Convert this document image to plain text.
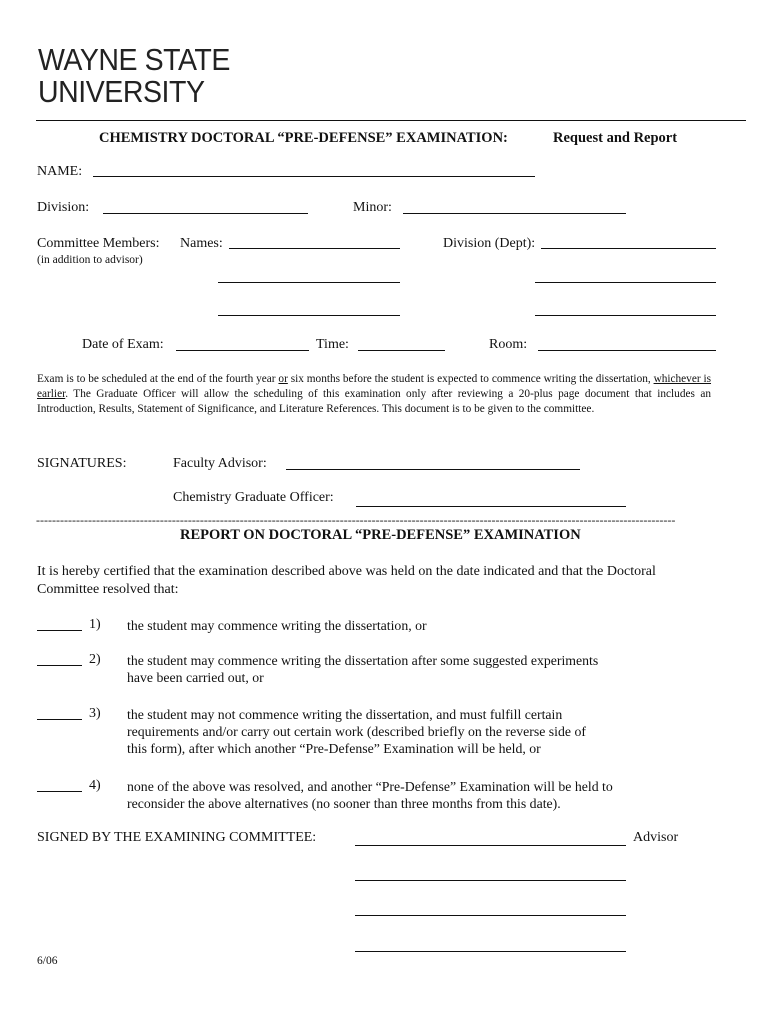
WAYNE STATE
UNIVERSITY
CHEMISTRY DOCTORAL “PRE-DEFENSE” EXAMINATION:	Request and Report
NAME:
Division:	Minor:
Committee Members: Names:	Division (Dept):
(in addition to advisor)
Date of Exam:	Time:	Room:
Exam is to be scheduled at the end of the fourth year or six months before the student is expected to commence writing the dissertation, whichever is earlier. The Graduate Officer will allow the scheduling of this examination only after reviewing a 20-plus page document that includes an Introduction, Results, Statement of Significance, and Literature References. This document is to be given to the committee.
SIGNATURES:	Faculty Advisor:
Chemistry Graduate Officer:
----------------------------------------------------------------------------------------------------------------------------------------------------------------
REPORT ON DOCTORAL “PRE-DEFENSE” EXAMINATION
It is hereby certified that the examination described above was held on the date indicated and that the Doctoral
Committee resolved that:
1) the student may commence writing the dissertation, or
2) the student may commence writing the dissertation after some suggested experiments
have been carried out, or
3) the student may not commence writing the dissertation, and must fulfill certain
requirements and/or carry out certain work (described briefly on the reverse side of
this form), after which another “Pre-Defense” Examination will be held, or
4) none of the above was resolved, and another “Pre-Defense” Examination will be held to
reconsider the above alternatives (no sooner than three months from this date).
SIGNED BY THE EXAMINING COMMITTEE:	Advisor
6/06
